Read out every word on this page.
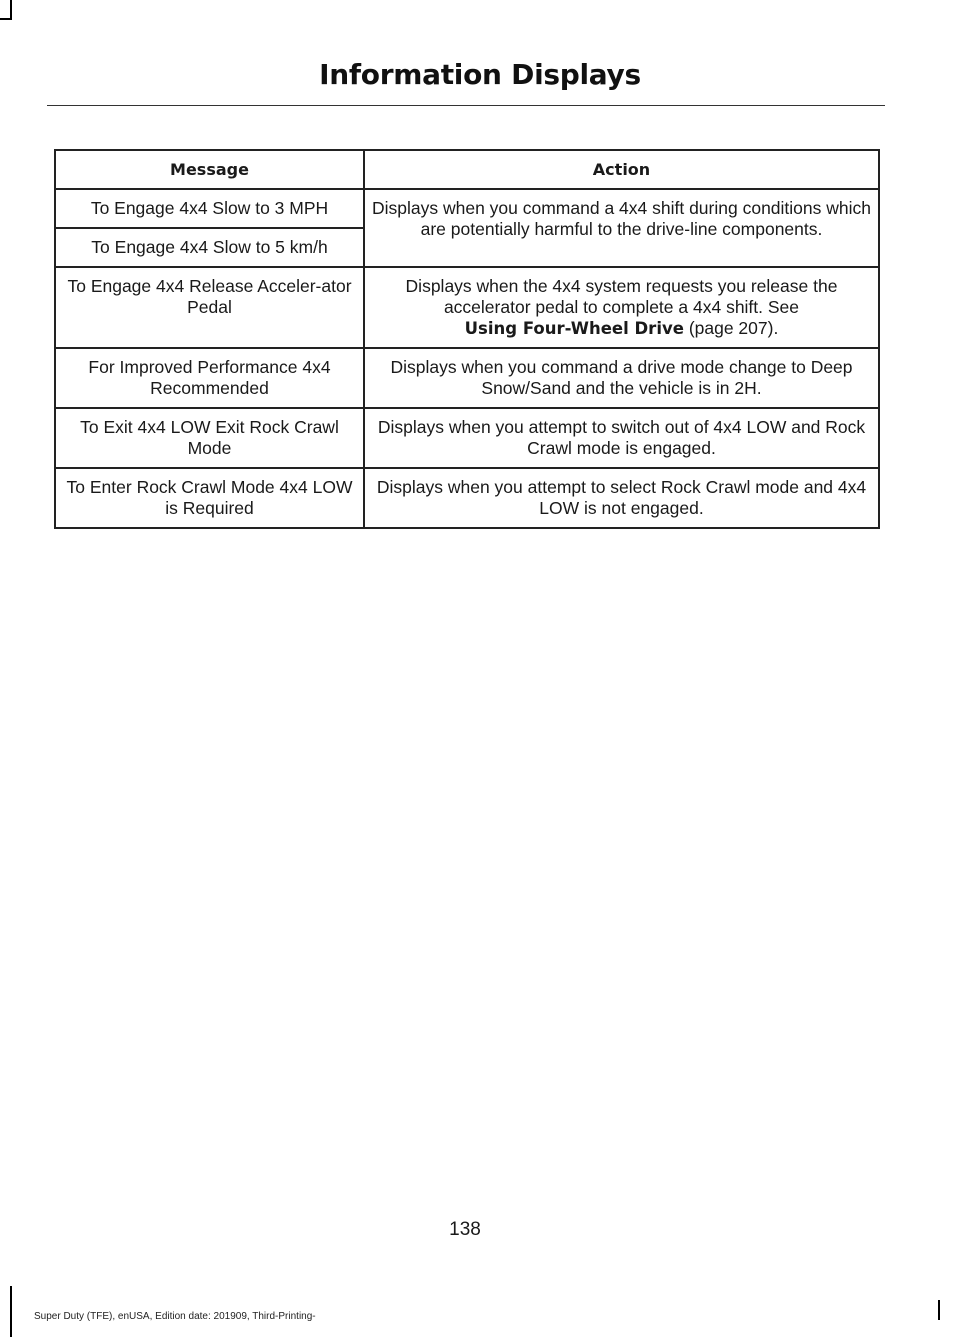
Information Displays
Message	Action
To Engage 4x4 Slow to 3 MPH	Displays when you command a 4x4 shift during conditions which are potentially harmful to the drive-line components.
To Engage 4x4 Slow to 5 km/h	
To Engage 4x4 Release Acceler-ator Pedal	Displays when the 4x4 system requests you release the accelerator pedal to complete a 4x4 shift. See
Using Four-Wheel Drive (page 207).
For Improved Performance 4x4 Recommended	Displays when you command a drive mode change to Deep Snow/Sand and the vehicle is in 2H.
To Exit 4x4 LOW Exit Rock Crawl Mode	Displays when you attempt to switch out of 4x4 LOW and Rock Crawl mode is engaged.
To Enter Rock Crawl Mode 4x4 LOW is Required	Displays when you attempt to select Rock Crawl mode and 4x4 LOW is not engaged.
138
Super Duty (TFE), enUSA, Edition date: 201909, Third-Printing-
